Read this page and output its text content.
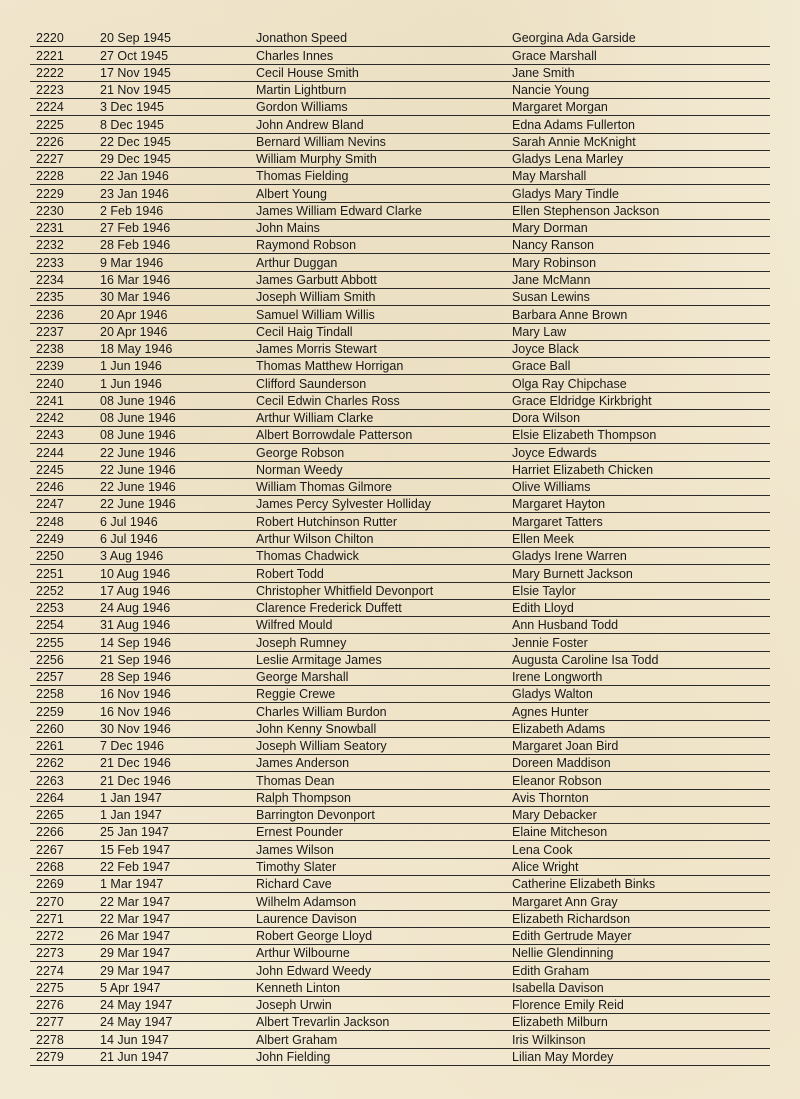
2220	20 Sep 1945	Jonathon Speed	Georgina Ada Garside
2221	27 Oct 1945	Charles Innes	Grace Marshall
2222	17 Nov 1945	Cecil House Smith	Jane Smith
2223	21 Nov 1945	Martin Lightburn	Nancie Young
2224	3 Dec 1945	Gordon Williams	Margaret Morgan
2225	8 Dec 1945	John Andrew Bland	Edna Adams Fullerton
2226	22 Dec 1945	Bernard William Nevins	Sarah Annie McKnight
2227	29 Dec 1945	William Murphy Smith	Gladys Lena Marley
2228	22 Jan 1946	Thomas Fielding	May Marshall
2229	23 Jan 1946	Albert Young	Gladys Mary Tindle
2230	2 Feb 1946	James William Edward Clarke	Ellen Stephenson Jackson
2231	27 Feb 1946	John Mains	Mary Dorman
2232	28 Feb 1946	Raymond Robson	Nancy Ranson
2233	9 Mar 1946	Arthur Duggan	Mary Robinson
2234	16 Mar 1946	James Garbutt Abbott	Jane McMann
2235	30 Mar 1946	Joseph William Smith	Susan Lewins
2236	20 Apr 1946	Samuel William Willis	Barbara Anne Brown
2237	20 Apr 1946	Cecil Haig Tindall	Mary Law
2238	18 May 1946	James Morris Stewart	Joyce Black
2239	1 Jun 1946	Thomas Matthew Horrigan	Grace Ball
2240	1 Jun 1946	Clifford Saunderson	Olga Ray Chipchase
2241	08 June 1946	Cecil Edwin Charles Ross	Grace Eldridge Kirkbright
2242	08 June 1946	Arthur William Clarke	Dora Wilson
2243	08 June 1946	Albert Borrowdale Patterson	Elsie Elizabeth Thompson
2244	22 June 1946	George Robson	Joyce Edwards
2245	22 June 1946	Norman Weedy	Harriet Elizabeth Chicken
2246	22 June 1946	William Thomas Gilmore	Olive Williams
2247	22 June 1946	James Percy Sylvester Holliday	Margaret Hayton
2248	6 Jul 1946	Robert Hutchinson Rutter	Margaret Tatters
2249	6 Jul 1946	Arthur Wilson Chilton	Ellen Meek
2250	3 Aug 1946	Thomas Chadwick	Gladys Irene Warren
2251	10 Aug 1946	Robert Todd	Mary Burnett Jackson
2252	17 Aug 1946	Christopher Whitfield Devonport	Elsie Taylor
2253	24 Aug 1946	Clarence Frederick Duffett	Edith Lloyd
2254	31 Aug 1946	Wilfred Mould	Ann Husband Todd
2255	14 Sep 1946	Joseph Rumney	Jennie Foster
2256	21 Sep 1946	Leslie Armitage James	Augusta Caroline Isa Todd
2257	28 Sep 1946	George Marshall	Irene Longworth
2258	16 Nov 1946	Reggie Crewe	Gladys Walton
2259	16 Nov 1946	Charles William Burdon	Agnes Hunter
2260	30 Nov 1946	John Kenny Snowball	Elizabeth Adams
2261	7 Dec 1946	Joseph William Seatory	Margaret Joan Bird
2262	21 Dec 1946	James Anderson	Doreen Maddison
2263	21 Dec 1946	Thomas Dean	Eleanor Robson
2264	1 Jan 1947	Ralph Thompson	Avis Thornton
2265	1 Jan 1947	Barrington Devonport	Mary Debacker
2266	25 Jan 1947	Ernest Pounder	Elaine Mitcheson
2267	15 Feb 1947	James Wilson	Lena Cook
2268	22 Feb 1947	Timothy Slater	Alice Wright
2269	1 Mar 1947	Richard Cave	Catherine Elizabeth Binks
2270	22 Mar 1947	Wilhelm Adamson	Margaret Ann Gray
2271	22 Mar 1947	Laurence Davison	Elizabeth Richardson
2272	26 Mar 1947	Robert George Lloyd	Edith Gertrude Mayer
2273	29 Mar 1947	Arthur Wilbourne	Nellie Glendinning
2274	29 Mar 1947	John Edward Weedy	Edith Graham
2275	5 Apr 1947	Kenneth Linton	Isabella Davison
2276	24 May 1947	Joseph Urwin	Florence Emily Reid
2277	24 May 1947	Albert Trevarlin Jackson	Elizabeth Milburn
2278	14 Jun 1947	Albert Graham	Iris Wilkinson
2279	21 Jun 1947	John Fielding	Lilian May Mordey
